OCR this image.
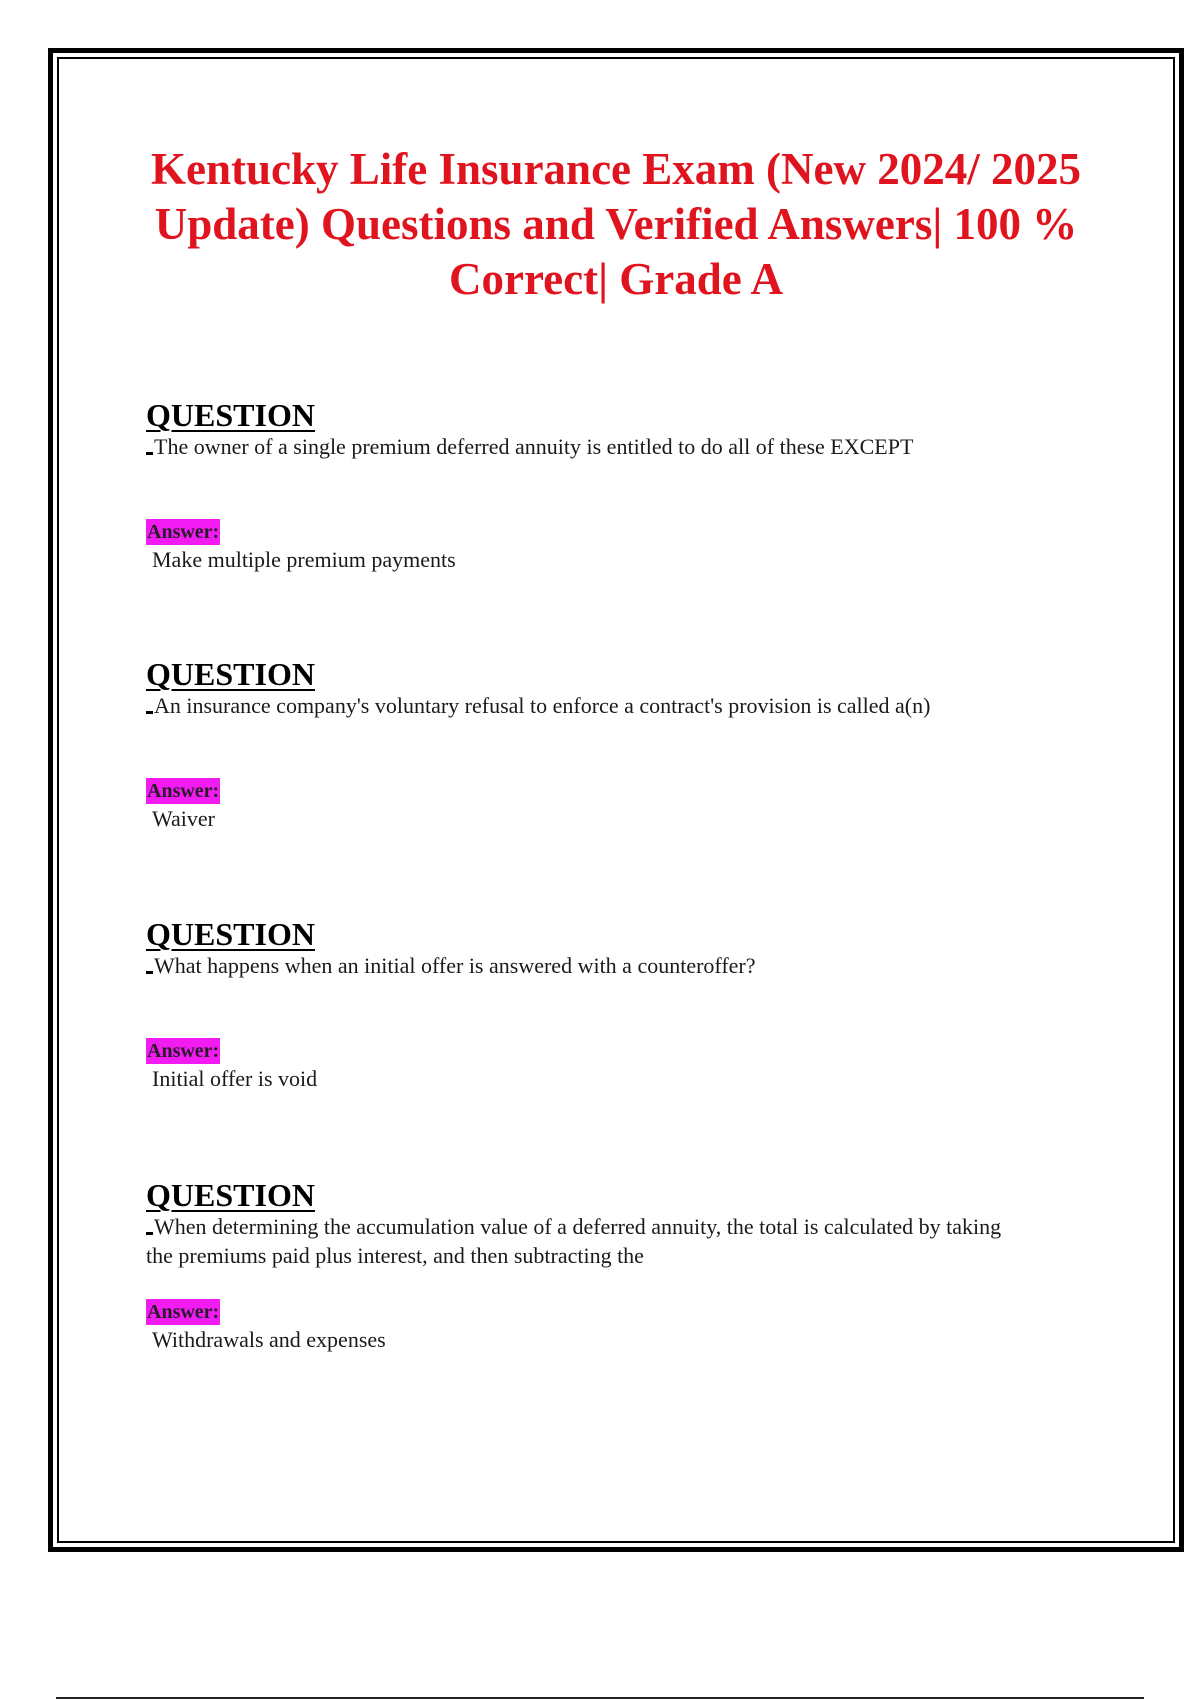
Kentucky Life Insurance Exam (New 2024/ 2025 Update) Questions and Verified Answers| 100 % Correct| Grade A
QUESTION
The owner of a single premium deferred annuity is entitled to do all of these EXCEPT
Answer:
Make multiple premium payments
QUESTION
An insurance company's voluntary refusal to enforce a contract's provision is called a(n)
Answer:
Waiver
QUESTION
What happens when an initial offer is answered with a counteroffer?
Answer:
Initial offer is void
QUESTION
When determining the accumulation value of a deferred annuity, the total is calculated by taking
the premiums paid plus interest, and then subtracting the
Answer:
Withdrawals and expenses
